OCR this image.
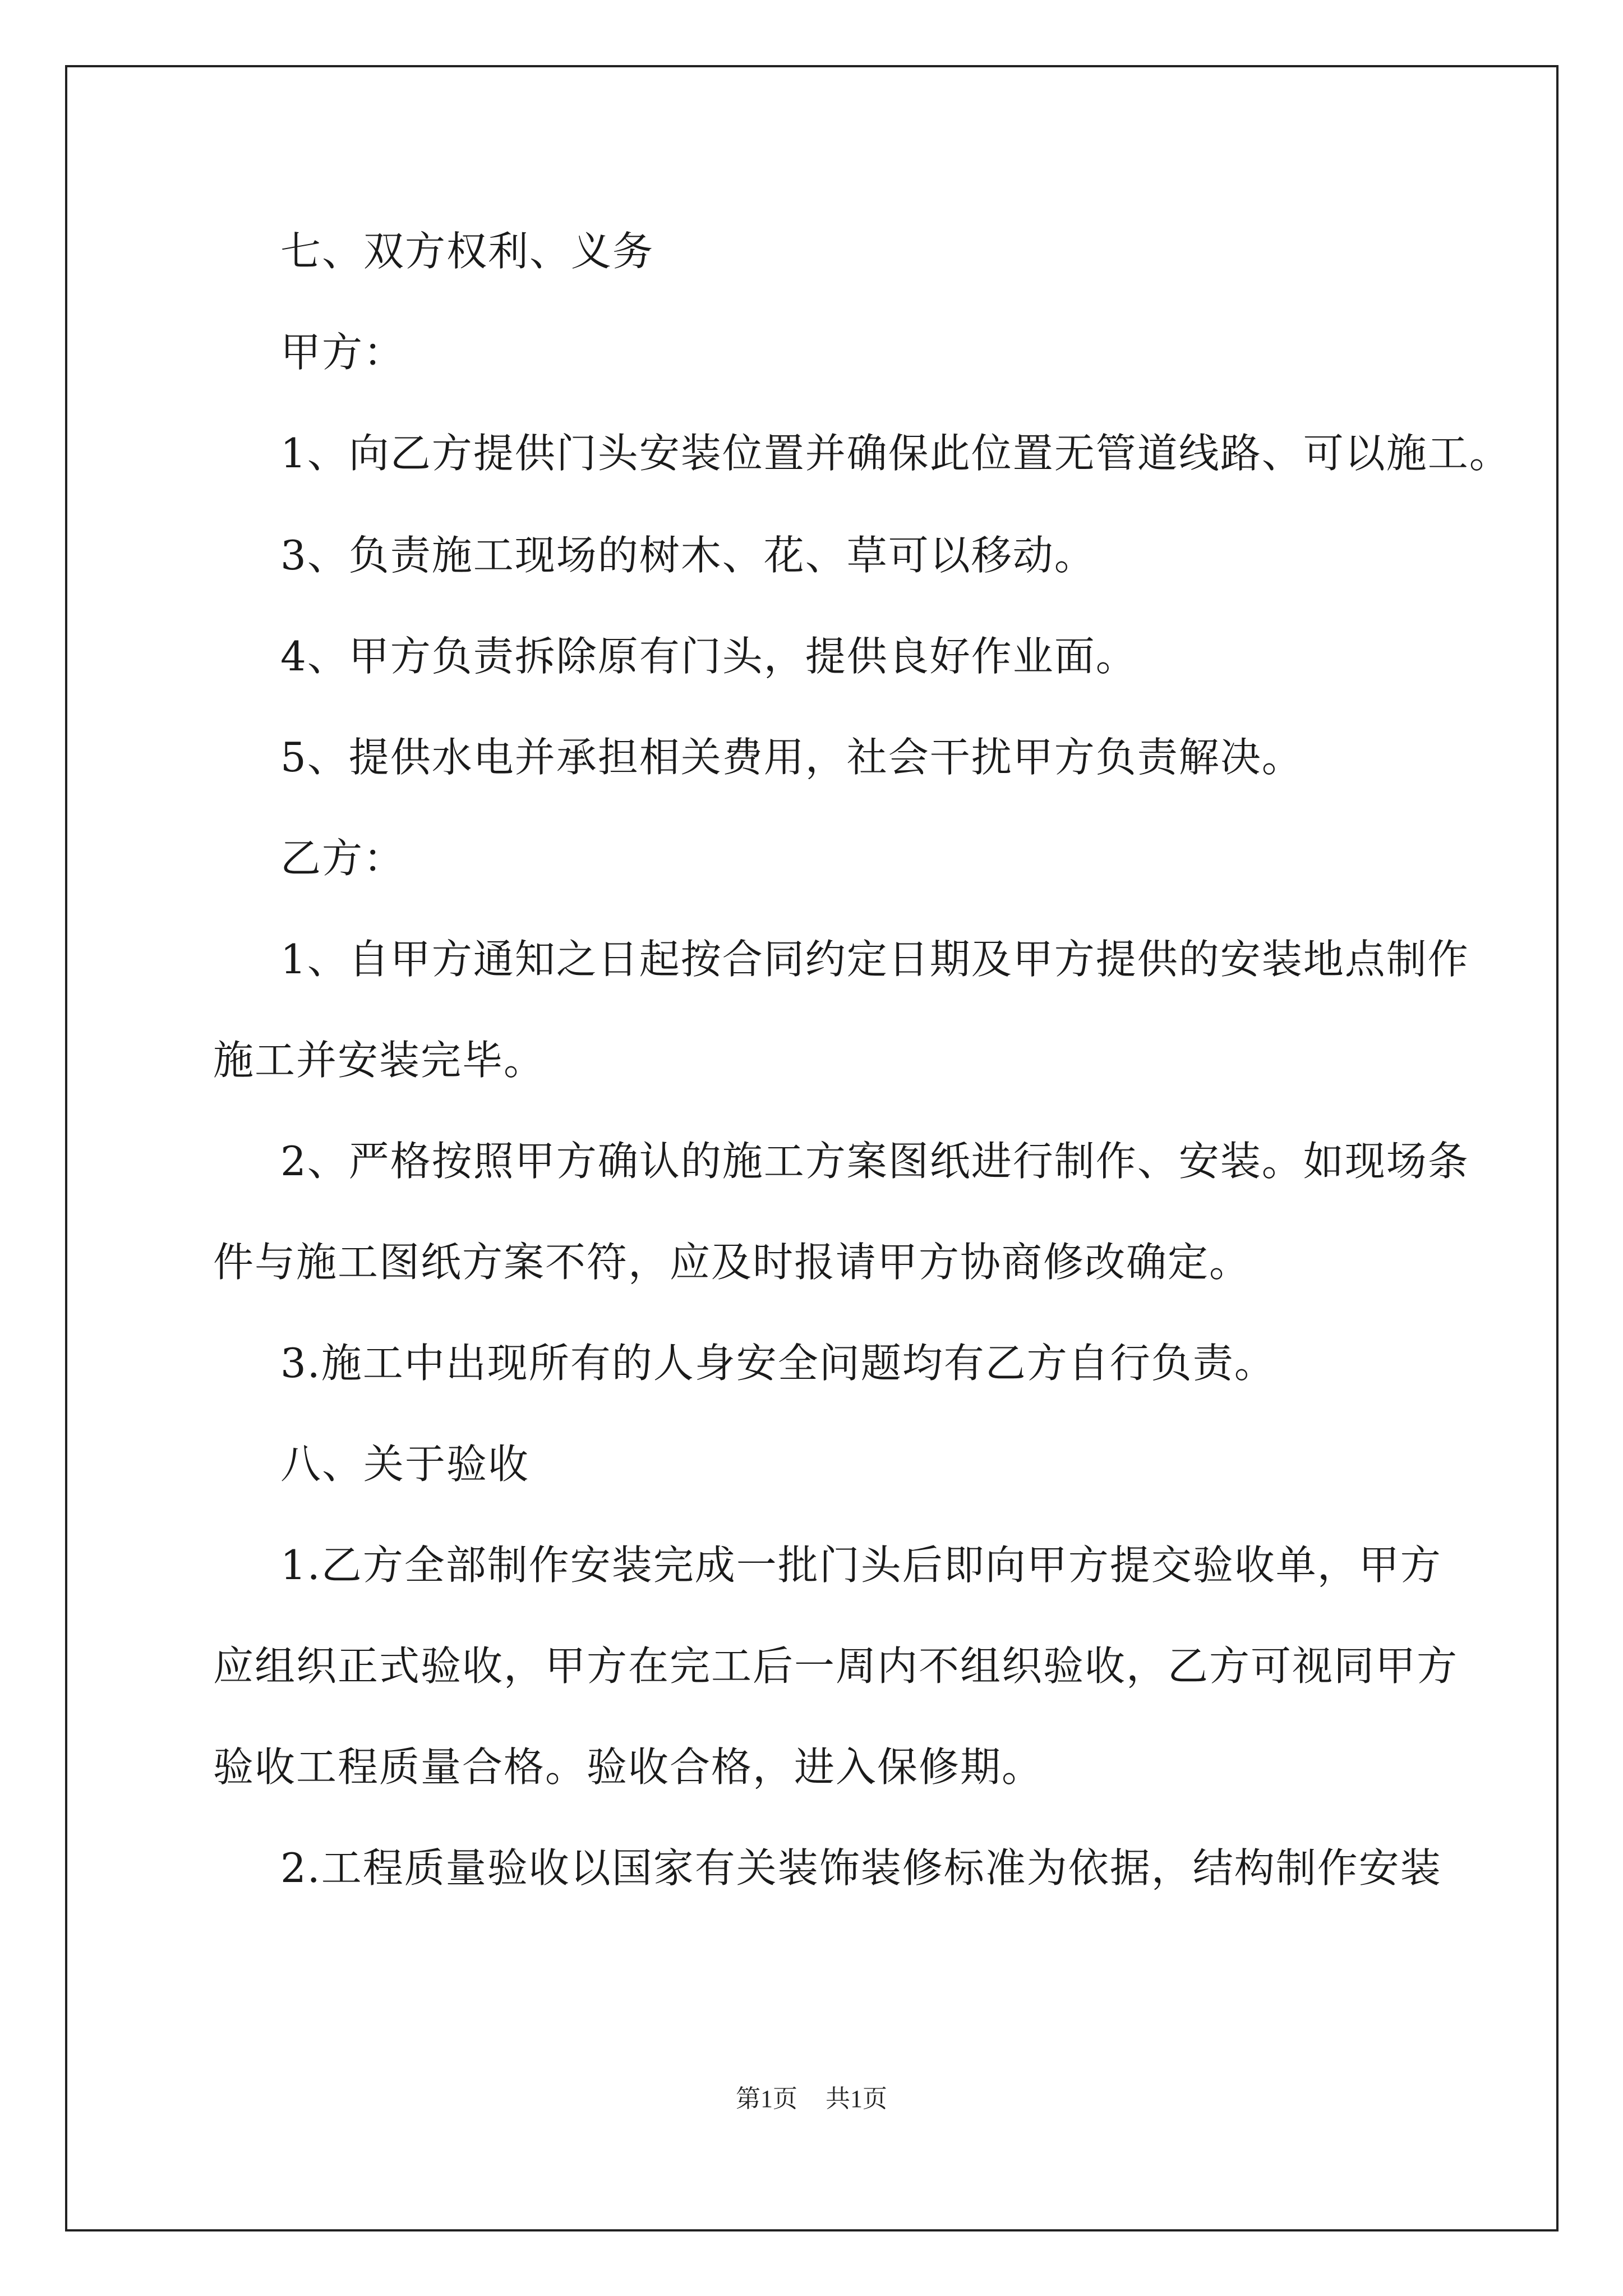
七、双方权利、义务
甲方：
1、向乙方提供门头安装位置并确保此位置无管道线路、可以施工。
3、负责施工现场的树木、花、草可以移动。
4、甲方负责拆除原有门头，提供良好作业面。
5、提供水电并承担相关费用，社会干扰甲方负责解决。
乙方：
1、自甲方通知之日起按合同约定日期及甲方提供的安装地点制作
施工并安装完毕。
2、严格按照甲方确认的施工方案图纸进行制作、安装。如现场条
件与施工图纸方案不符，应及时报请甲方协商修改确定。
3.施工中出现所有的人身安全问题均有乙方自行负责。
八、关于验收
1.乙方全部制作安装完成一批门头后即向甲方提交验收单，甲方
应组织正式验收，甲方在完工后一周内不组织验收，乙方可视同甲方
验收工程质量合格。验收合格，进入保修期。
2.工程质量验收以国家有关装饰装修标准为依据，结构制作安装
第1页 共1页
